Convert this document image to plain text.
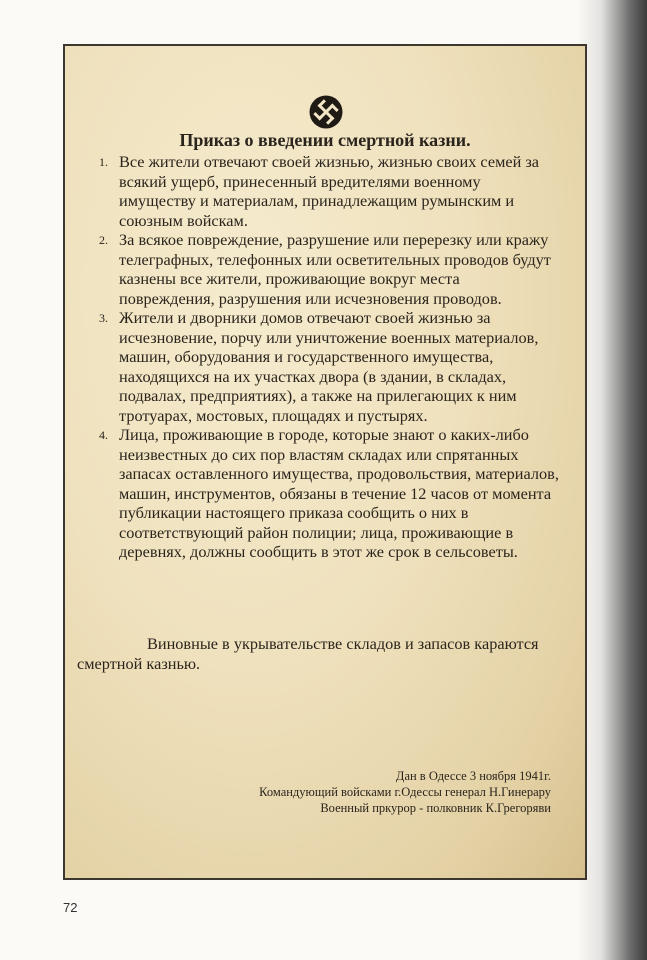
Приказ о введении смертной казни.
1. Все жители отвечают своей жизнью, жизнью своих семей за всякий ущерб, принесенный вредителями военному имуществу и материалам, принадлежащим румынским и союзным войскам.
2. За всякое повреждение, разрушение или перерезку или кражу телеграфных, телефонных или осветительных проводов будут казнены все жители, проживающие вокруг места повреждения, разрушения или исчезновения проводов.
3. Жители и дворники домов отвечают своей жизнью за исчезновение, порчу или уничтожение военных материалов, машин, оборудования и государственного имущества, находящихся на их участках двора (в здании, в складах, подвалах, предприятиях), а также на прилегающих к ним тротуарах, мостовых, площадях и пустырях.
4. Лица, проживающие в городе, которые знают о каких-либо неизвестных до сих пор властям складах или спрятанных запасах оставленного имущества, продовольствия, материалов, машин, инструментов, обязаны в течение 12 часов от момента публикации настоящего приказа сообщить о них в соответствующий район полиции; лица, проживающие в деревнях, должны сообщить в этот же срок в сельсоветы.

Виновные в укрывательстве складов и запасов караются смертной казнью.

Дан в Одессе 3 ноября 1941г.
Командующий войсками г.Одессы генерал Н.Гинерару
Военный пркурор - полковник К.Грегоряви
72
